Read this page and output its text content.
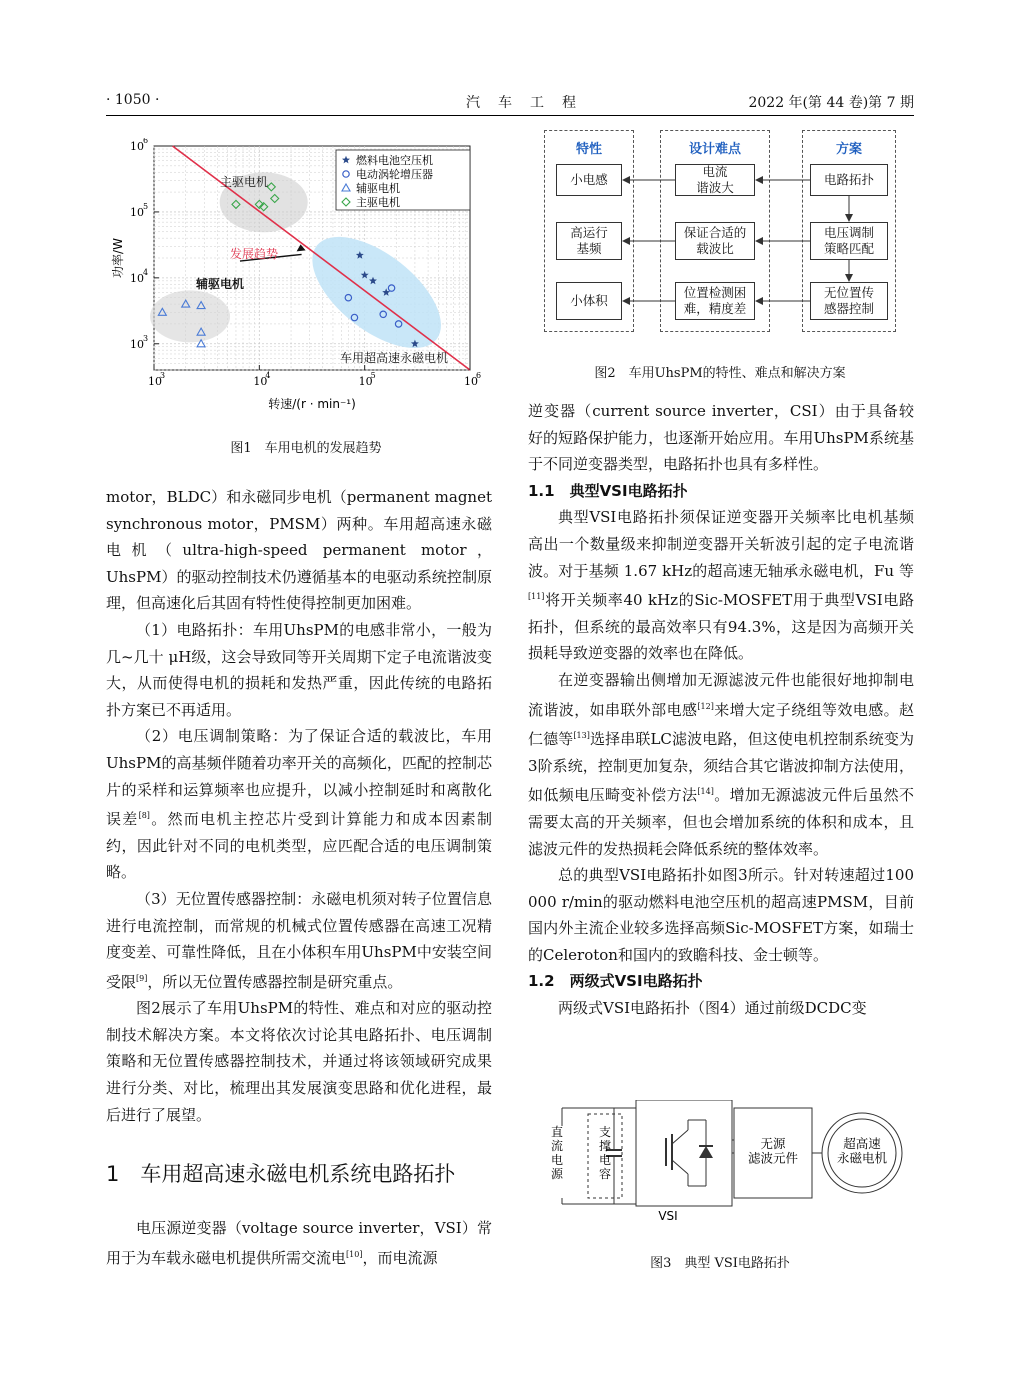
· 1050 ·	汽　车　工　程	2022 年(第 44 卷)第 7 期
10
3	10
4	10
5	10
6
10 3
10 4
10 5
10 6
转速/(r · min⁻¹)
功率/W
主驱电机
辅驱电机
发展趋势
车用超高速永磁电机
燃料电池空压机
电动涡轮增压器
辅驱电机
主驱电机
图1　车用电机的发展趋势
特性	设计难点	方案
小电感
高运行
基频
小体积
电流
谐波大
保证合适的
载波比
位置检测困
难，精度差
电路拓扑
电压调制
策略匹配
无位置传
感器控制
图2　车用UhsPM的特性、难点和解决方案

motor，BLDC）和永磁同步电机（permanent magnet synchronous motor，PMSM）两种。车用超高速永磁电机（ultra-high-speed permanent motor，UhsPM）的驱动控制技术仍遵循基本的电驱动系统控制原理，但高速化后其固有特性使得控制更加困难。

（1）电路拓扑：车用UhsPM的电感非常小，一般为几~几十 μH级，这会导致同等开关周期下定子电流谐波变大，从而使得电机的损耗和发热严重，因此传统的电路拓扑方案已不再适用。

（2）电压调制策略：为了保证合适的载波比，车用UhsPM的高基频伴随着功率开关的高频化，匹配的控制芯片的采样和运算频率也应提升，以减小控制延时和离散化误差[8]。然而电机主控芯片受到计算能力和成本因素制约，因此针对不同的电机类型，应匹配合适的电压调制策略。

（3）无位置传感器控制：永磁电机须对转子位置信息进行电流控制，而常规的机械式位置传感器在高速工况精度变差、可靠性降低，且在小体积车用UhsPM中安装空间受限[9]，所以无位置传感器控制是研究重点。

图2展示了车用UhsPM的特性、难点和对应的驱动控制技术解决方案。本文将依次讨论其电路拓扑、电压调制策略和无位置传感器控制技术，并通过将该领域研究成果进行分类、对比，梳理出其发展演变思路和优化进程，最后进行了展望。

1　车用超高速永磁电机系统电路拓扑

电压源逆变器（voltage source inverter，VSI）常用于为车载永磁电机提供所需交流电[10]，而电流源

逆变器（current source inverter，CSI）由于具备较好的短路保护能力，也逐渐开始应用。车用UhsPM系统基于不同逆变器类型，电路拓扑也具有多样性。

1.1　典型VSI电路拓扑

典型VSI电路拓扑须保证逆变器开关频率比电机基频高出一个数量级来抑制逆变器开关斩波引起的定子电流谐波。对于基频 1.67 kHz的超高速无轴承永磁电机，Fu 等[11]将开关频率40 kHz的Sic-MOSFET用于典型VSI电路拓扑，但系统的最高效率只有94.3%，这是因为高频开关损耗导致逆变器的效率也在降低。

在逆变器输出侧增加无源滤波元件也能很好地抑制电流谐波，如串联外部电感[12]来增大定子绕组等效电感。赵仁德等[13]选择串联LC滤波电路，但这使电机控制系统变为3阶系统，控制更加复杂，须结合其它谐波抑制方法使用，如低频电压畸变补偿方法[14]。增加无源滤波元件后虽然不需要太高的开关频率，但也会增加系统的体积和成本，且滤波元件的发热损耗会降低系统的整体效率。

总的典型VSI电路拓扑如图3所示。针对转速超过100 000 r/min的驱动燃料电池空压机的超高速PMSM，目前国内外主流企业较多选择高频Sic-MOSFET方案，如瑞士的Celeroton和国内的致瞻科技、金士顿等。

1.2　两级式VSI电路拓扑

两级式VSI电路拓扑（图4）通过前级DCDC变

直流电源
支撑电容
无源滤波元件
超高速永磁电机
VSI
图3　典型 VSI电路拓扑
